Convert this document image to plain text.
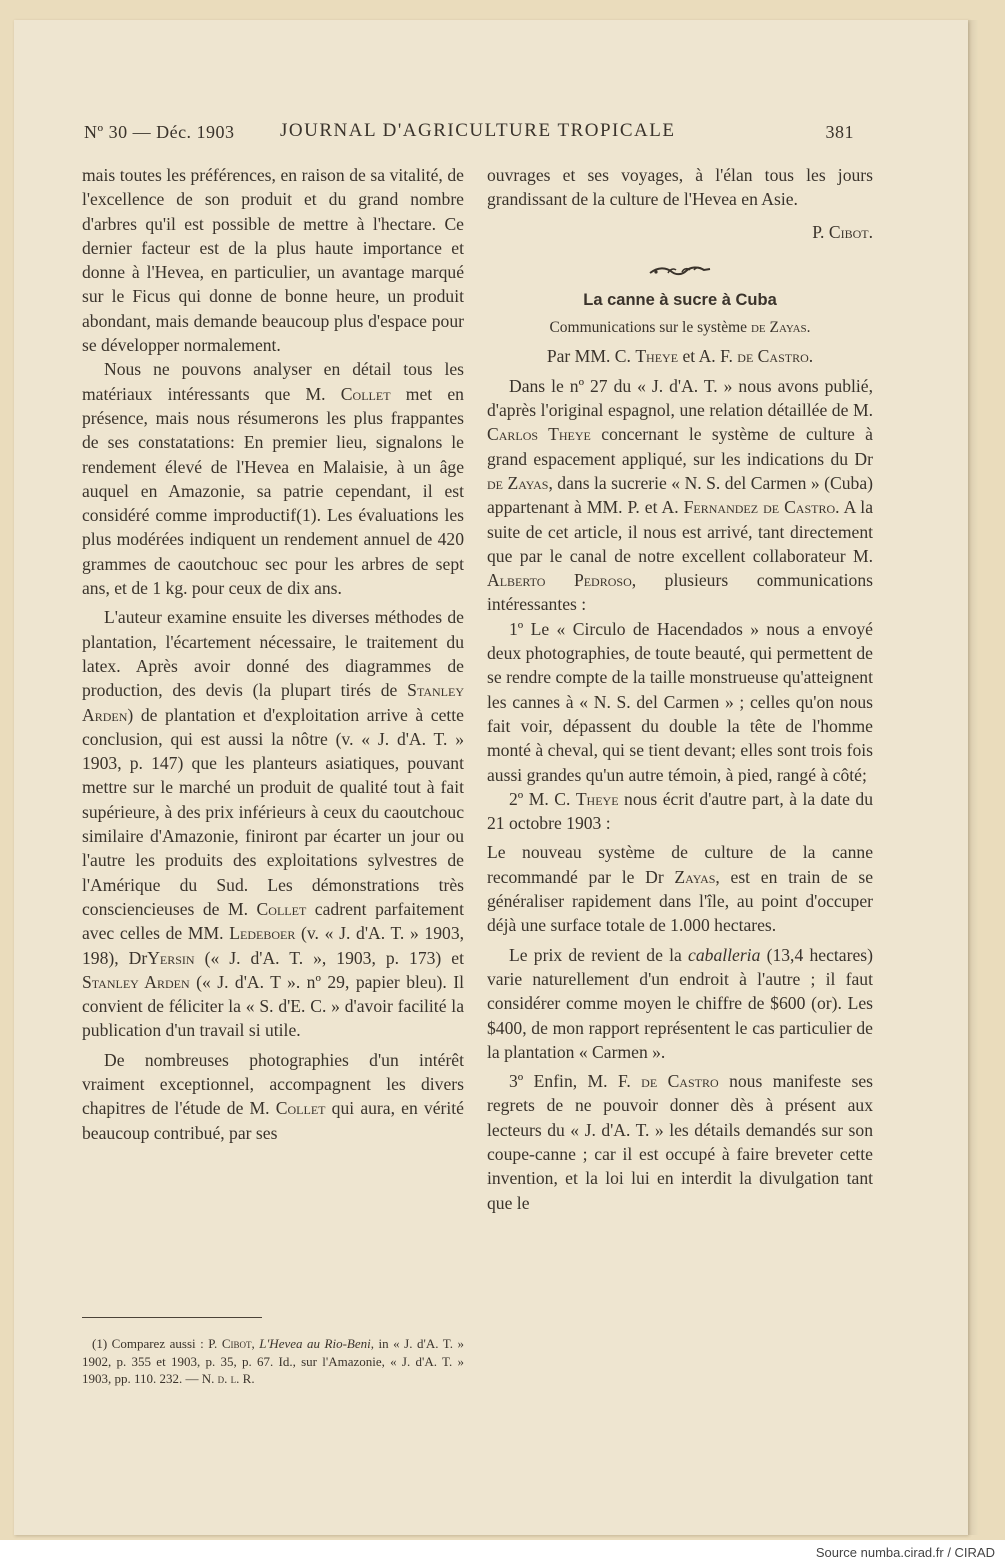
Nº 30 — Déc. 1903 JOURNAL D'AGRICULTURE TROPICALE	381

mais toutes les préférences, en raison de sa vitalité, de l'excellence de son produit et du grand nombre d'arbres qu'il est possible de mettre à l'hectare. Ce dernier facteur est de la plus haute importance et donne à l'Hevea, en particulier, un avantage marqué sur le Ficus qui donne de bonne heure, un produit abondant, mais demande beaucoup plus d'espace pour se développer normalement.

Nous ne pouvons analyser en détail tous les matériaux intéressants que M. Collet met en présence, mais nous résumerons les plus frappantes de ses constatations: En premier lieu, signalons le rendement élevé de l'Hevea en Malaisie, à un âge auquel en Amazonie, sa patrie cependant, il est considéré comme improductif(1). Les évaluations les plus modérées indiquent un rendement annuel de 420 grammes de caoutchouc sec pour les arbres de sept ans, et de 1 kg. pour ceux de dix ans.

L'auteur examine ensuite les diverses méthodes de plantation, l'écartement nécessaire, le traitement du latex. Après avoir donné des diagrammes de production, des devis (la plupart tirés de Stanley Arden) de plantation et d'exploitation arrive à cette conclusion, qui est aussi la nôtre (v. « J. d'A. T. » 1903, p. 147) que les planteurs asiatiques, pouvant mettre sur le marché un produit de qualité tout à fait supérieure, à des prix inférieurs à ceux du caoutchouc similaire d'Amazonie, finiront par écarter un jour ou l'autre les produits des exploitations sylvestres de l'Amérique du Sud. Les démonstrations très consciencieuses de M. Collet cadrent parfaitement avec celles de MM. Ledeboer (v. « J. d'A. T. » 1903, 198), DrYersin (« J. d'A. T. », 1903, p. 173) et Stanley Arden (« J. d'A. T ». nº 29, papier bleu). Il convient de féliciter la « S. d'E. C. » d'avoir facilité la publication d'un travail si utile.

De nombreuses photographies d'un intérêt vraiment exceptionnel, accompagnent les divers chapitres de l'étude de M. Collet qui aura, en vérité beaucoup contribué, par ses

(1) Comparez aussi : P. Cibot, L'Hevea au Rio-Beni, in « J. d'A. T. » 1902, p. 355 et 1903, p. 35, p. 67. Id., sur l'Amazonie, « J. d'A. T. » 1903, pp. 110. 232. — N. d. l. R.

ouvrages et ses voyages, à l'élan tous les jours grandissant de la culture de l'Hevea en Asie.

P. Cibot.

La canne à sucre à Cuba

Communications sur le système de Zayas.

Par MM. C. Theye et A. F. de Castro.

Dans le nº 27 du « J. d'A. T. » nous avons publié, d'après l'original espagnol, une relation détaillée de M. Carlos Theye concernant le système de culture à grand espacement appliqué, sur les indications du Dr de Zayas, dans la sucrerie « N. S. del Carmen » (Cuba) appartenant à MM. P. et A. Fernandez de Castro. A la suite de cet article, il nous est arrivé, tant directement que par le canal de notre excellent collaborateur M. Alberto Pedroso, plusieurs communications intéressantes :

1º Le « Circulo de Hacendados » nous a envoyé deux photographies, de toute beauté, qui permettent de se rendre compte de la taille monstrueuse qu'atteignent les cannes à « N. S. del Carmen » ; celles qu'on nous fait voir, dépassent du double la tête de l'homme monté à cheval, qui se tient devant; elles sont trois fois aussi grandes qu'un autre témoin, à pied, rangé à côté;

2º M. C. Theye nous écrit d'autre part, à la date du 21 octobre 1903 :

Le nouveau système de culture de la canne recommandé par le Dr Zayas, est en train de se généraliser rapidement dans l'île, au point d'occuper déjà une surface totale de 1.000 hectares.

Le prix de revient de la caballeria (13,4 hectares) varie naturellement d'un endroit à l'autre ; il faut considérer comme moyen le chiffre de $600 (or). Les $400, de mon rapport représentent le cas particulier de la plantation « Carmen ».

3º Enfin, M. F. de Castro nous manifeste ses regrets de ne pouvoir donner dès à présent aux lecteurs du « J. d'A. T. » les détails demandés sur son coupe-canne ; car il est occupé à faire breveter cette invention, et la loi lui en interdit la divulgation tant que le

Source numba.cirad.fr / CIRAD
